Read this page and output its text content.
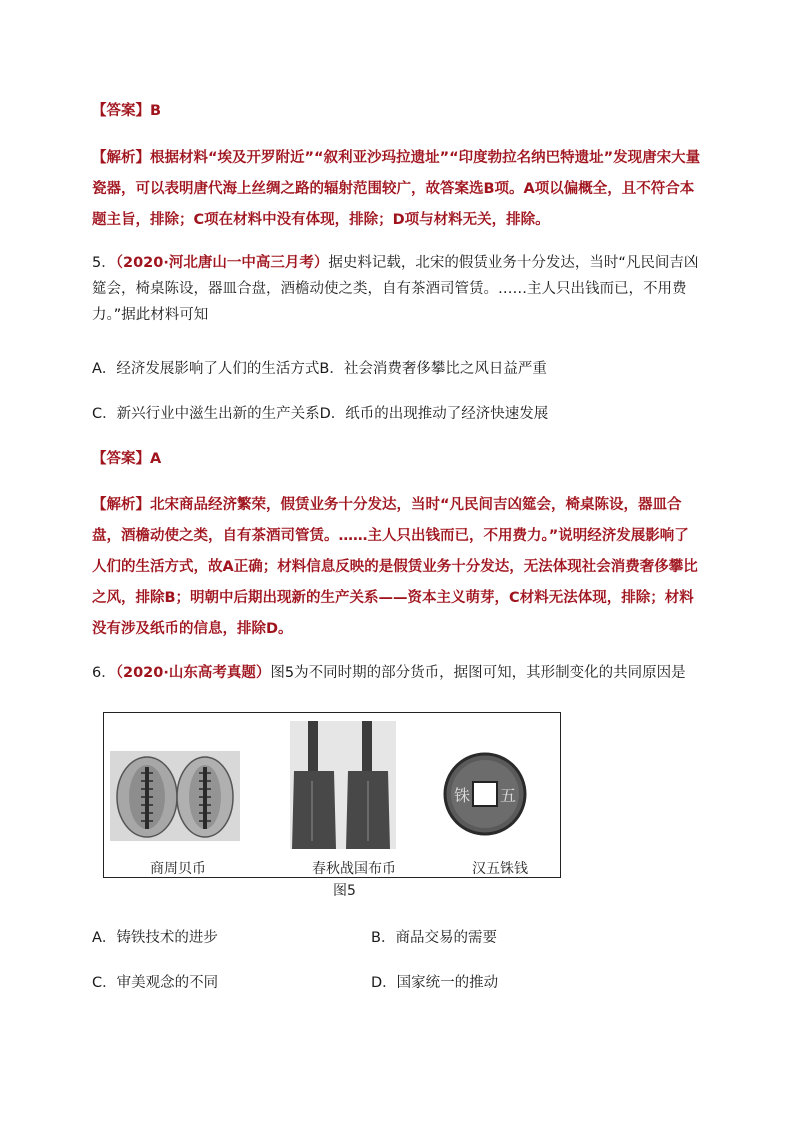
【答案】B
【解析】根据材料“埃及开罗附近”“叙利亚沙玛拉遗址”“印度勃拉名纳巴特遗址”发现唐宋大量瓷器，可以表明唐代海上丝绸之路的辐射范围较广，故答案选B项。A项以偏概全，且不符合本题主旨，排除；C项在材料中没有体现，排除；D项与材料无关，排除。
5．（2020·河北唐山一中高三月考）据史料记载，北宋的假赁业务十分发达，当时“凡民间吉凶筵会，椅桌陈设，器皿合盘，酒檐动使之类，自有茶酒司管赁。……主人只出钱而已，不用费力。”据此材料可知
A．经济发展影响了人们的生活方式B．社会消费奢侈攀比之风日益严重
C．新兴行业中滋生出新的生产关系D．纸币的出现推动了经济快速发展
【答案】A
【解析】北宋商品经济繁荣，假赁业务十分发达，当时“凡民间吉凶筵会，椅桌陈设，器皿合盘，酒檐动使之类，自有茶酒司管赁。……主人只出钱而已，不用费力。”说明经济发展影响了人们的生活方式，故A正确；材料信息反映的是假赁业务十分发达，无法体现社会消费奢侈攀比之风，排除B；明朝中后期出现新的生产关系——资本主义萌芽，C材料无法体现，排除；材料没有涉及纸币的信息，排除D。
6．（2020·山东高考真题）图5为不同时期的部分货币，据图可知，其形制变化的共同原因是
铢 五
商周贝币	春秋战国布币	汉五铢钱
图5
A．铸铁技术的进步	B．商品交易的需要
C．审美观念的不同	D．国家统一的推动
